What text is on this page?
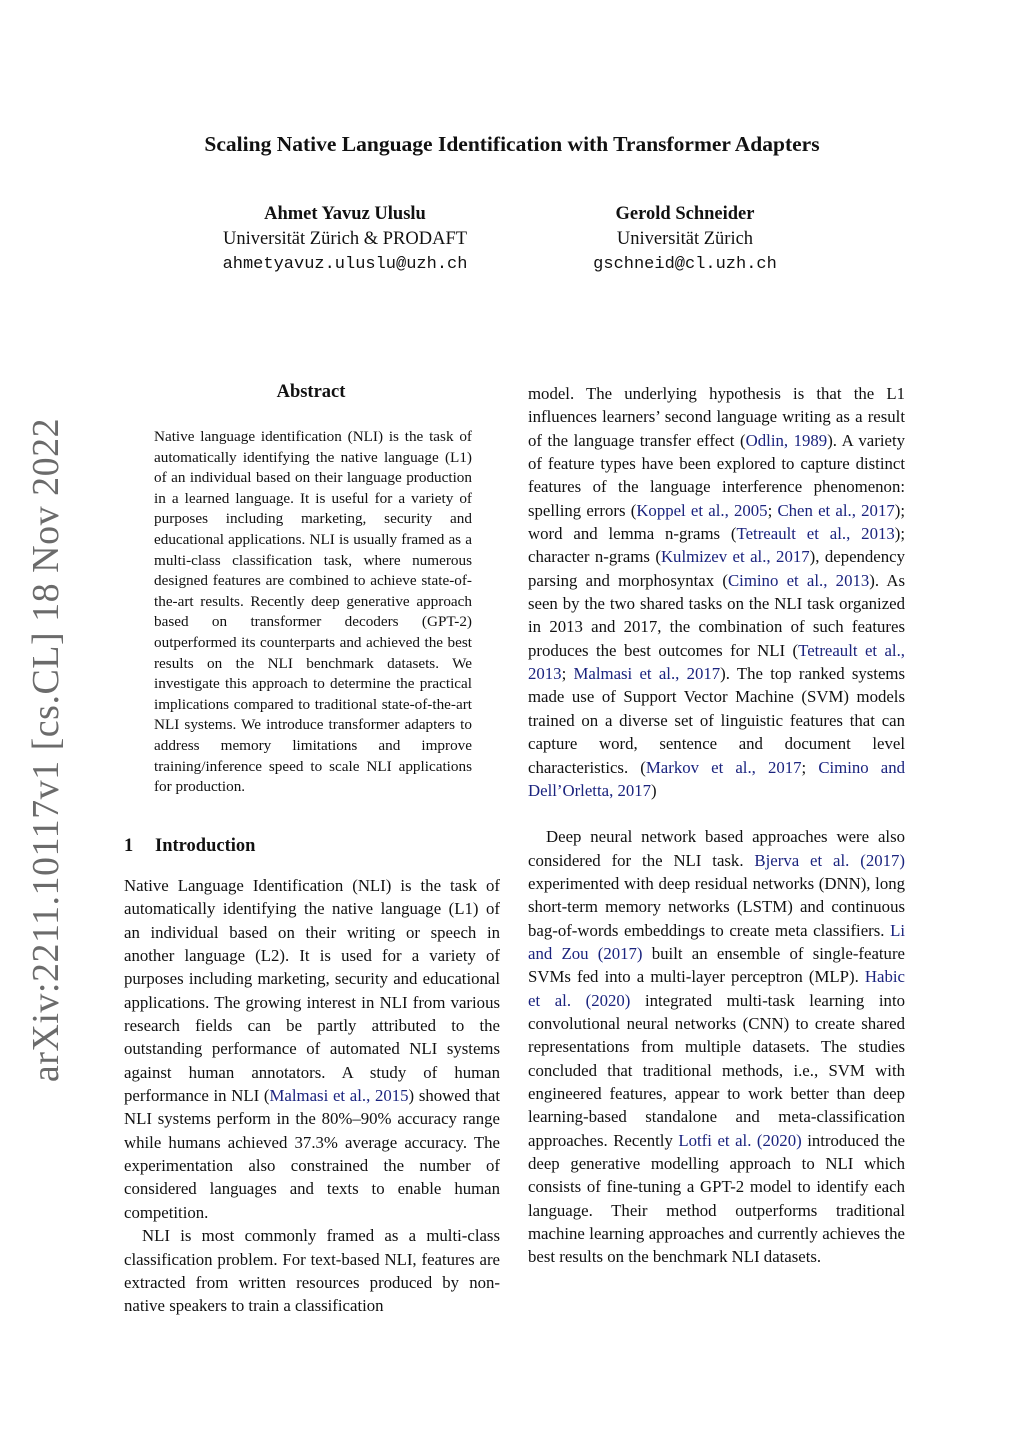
arXiv:2211.10117v1 [cs.CL] 18 Nov 2022
Scaling Native Language Identification with Transformer Adapters
Ahmet Yavuz Uluslu
Universität Zürich & PRODAFT
ahmetyavuz.uluslu@uzh.ch
Gerold Schneider
Universität Zürich
gschneid@cl.uzh.ch
Abstract
Native language identification (NLI) is the task of automatically identifying the native language (L1) of an individual based on their language production in a learned language. It is useful for a variety of purposes including marketing, security and educational applications. NLI is usually framed as a multi-class classification task, where numerous designed features are combined to achieve state-of-the-art results. Recently deep generative approach based on transformer decoders (GPT-2) outperformed its counterparts and achieved the best results on the NLI benchmark datasets. We investigate this approach to determine the practical implications compared to traditional state-of-the-art NLI systems. We introduce transformer adapters to address memory limitations and improve training/inference speed to scale NLI applications for production.
1 Introduction

Native Language Identification (NLI) is the task of automatically identifying the native language (L1) of an individual based on their writing or speech in another language (L2). It is used for a variety of purposes including marketing, security and educational applications. The growing interest in NLI from various research fields can be partly attributed to the outstanding performance of automated NLI systems against human annotators. A study of human performance in NLI (Malmasi et al., 2015) showed that NLI systems perform in the 80%–90% accuracy range while humans achieved 37.3% average accuracy. The experimentation also constrained the number of considered languages and texts to enable human competition.

NLI is most commonly framed as a multi-class classification problem. For text-based NLI, features are extracted from written resources produced by non-native speakers to train a classification

model. The underlying hypothesis is that the L1 influences learners’ second language writing as a result of the language transfer effect (Odlin, 1989). A variety of feature types have been explored to capture distinct features of the language interference phenomenon: spelling errors (Koppel et al., 2005; Chen et al., 2017); word and lemma n-grams (Tetreault et al., 2013); character n-grams (Kulmizev et al., 2017), dependency parsing and morphosyntax (Cimino et al., 2013). As seen by the two shared tasks on the NLI task organized in 2013 and 2017, the combination of such features produces the best outcomes for NLI (Tetreault et al., 2013; Malmasi et al., 2017). The top ranked systems made use of Support Vector Machine (SVM) models trained on a diverse set of linguistic features that can capture word, sentence and document level characteristics. (Markov et al., 2017; Cimino and Dell’Orletta, 2017)

Deep neural network based approaches were also considered for the NLI task. Bjerva et al. (2017) experimented with deep residual networks (DNN), long short-term memory networks (LSTM) and continuous bag-of-words embeddings to create meta classifiers. Li and Zou (2017) built an ensemble of single-feature SVMs fed into a multi-layer perceptron (MLP). Habic et al. (2020) integrated multi-task learning into convolutional neural networks (CNN) to create shared representations from multiple datasets. The studies concluded that traditional methods, i.e., SVM with engineered features, appear to work better than deep learning-based standalone and meta-classification approaches. Recently Lotfi et al. (2020) introduced the deep generative modelling approach to NLI which consists of fine-tuning a GPT-2 model to identify each language. Their method outperforms traditional machine learning approaches and currently achieves the best results on the benchmark NLI datasets.
